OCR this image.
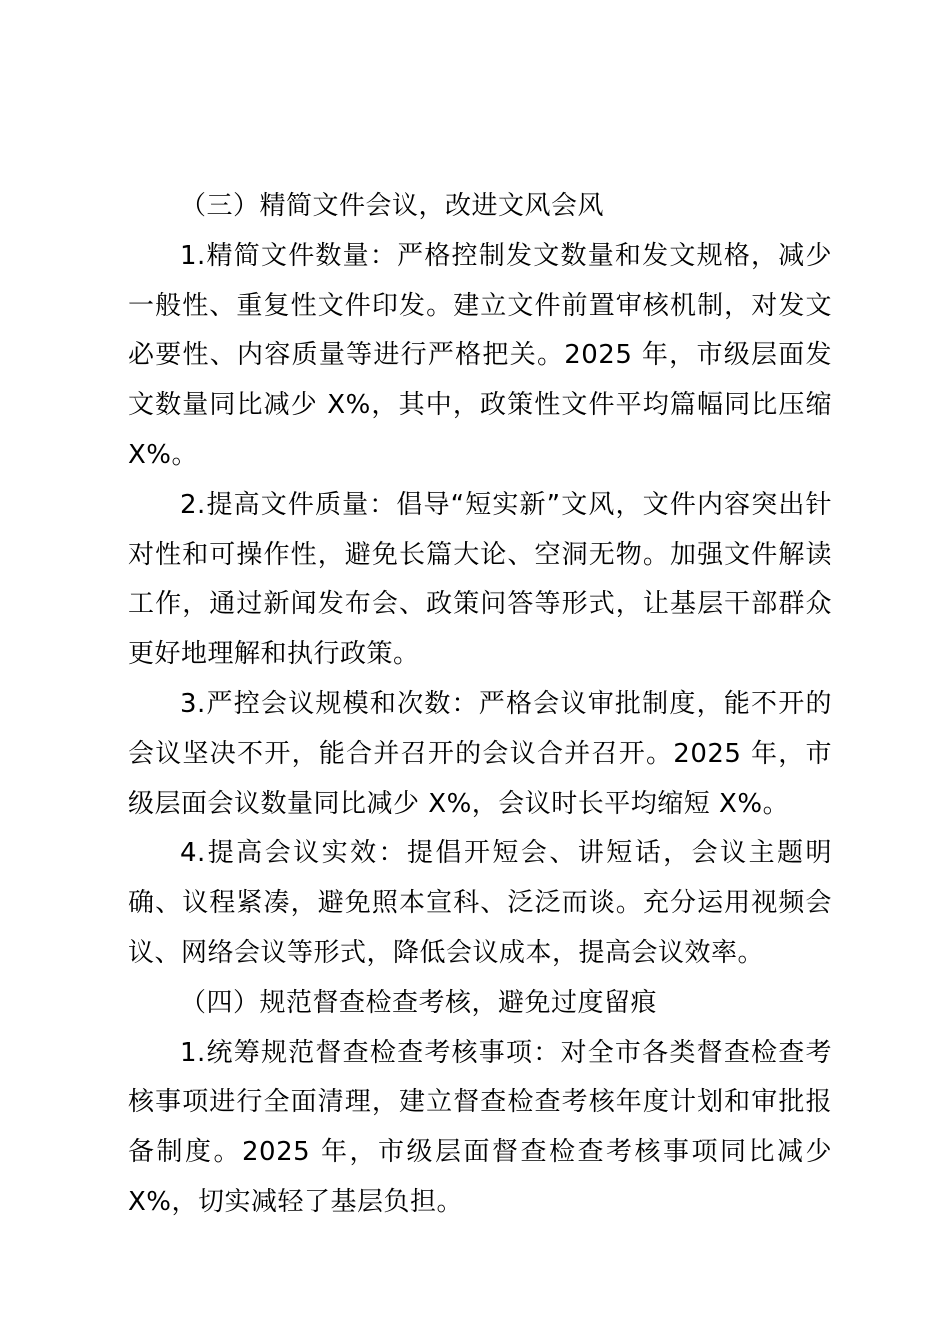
（三）精简文件会议，改进文风会风

1.精简文件数量：严格控制发文数量和发文规格，减少一般性、重复性文件印发。建立文件前置审核机制，对发文必要性、内容质量等进行严格把关。2025 年，市级层面发文数量同比减少 X%，其中，政策性文件平均篇幅同比压缩 X%。

2.提高文件质量：倡导“短实新”文风，文件内容突出针对性和可操作性，避免长篇大论、空洞无物。加强文件解读工作，通过新闻发布会、政策问答等形式，让基层干部群众更好地理解和执行政策。

3.严控会议规模和次数：严格会议审批制度，能不开的会议坚决不开，能合并召开的会议合并召开。2025 年，市级层面会议数量同比减少 X%，会议时长平均缩短 X%。

4.提高会议实效：提倡开短会、讲短话，会议主题明确、议程紧凑，避免照本宣科、泛泛而谈。充分运用视频会议、网络会议等形式，降低会议成本，提高会议效率。

（四）规范督查检查考核，避免过度留痕

1.统筹规范督查检查考核事项：对全市各类督查检查考核事项进行全面清理，建立督查检查考核年度计划和审批报备制度。2025 年，市级层面督查检查考核事项同比减少 X%，切实减轻了基层负担。
